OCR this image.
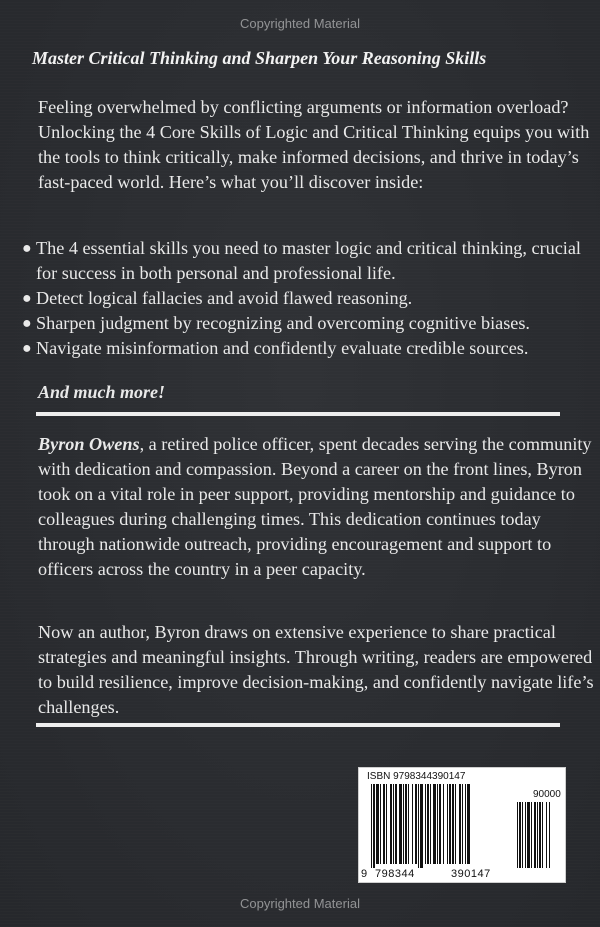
Copyrighted Material
Master Critical Thinking and Sharpen Your Reasoning Skills

Feeling overwhelmed by conflicting arguments or information overload? Unlocking the 4 Core Skills of Logic and Critical Thinking equips you with the tools to think critically, make informed decisions, and thrive in today’s fast-paced world. Here’s what you’ll discover inside:

● The 4 essential skills you need to master logic and critical thinking, crucial for success in both personal and professional life.
● Detect logical fallacies and avoid flawed reasoning.
● Sharpen judgment by recognizing and overcoming cognitive biases.
● Navigate misinformation and confidently evaluate credible sources.
And much more!

Byron Owens, a retired police officer, spent decades serving the community with dedication and compassion. Beyond a career on the front lines, Byron took on a vital role in peer support, providing mentorship and guidance to colleagues during challenging times. This dedication continues today through nationwide outreach, providing encouragement and support to officers across the country in a peer capacity.

Now an author, Byron draws on extensive experience to share practical strategies and meaningful insights. Through writing, readers are empowered to build resilience, improve decision-making, and confidently navigate life’s challenges.

ISBN 9798344390147
90000
9 798344	390147
Copyrighted Material
